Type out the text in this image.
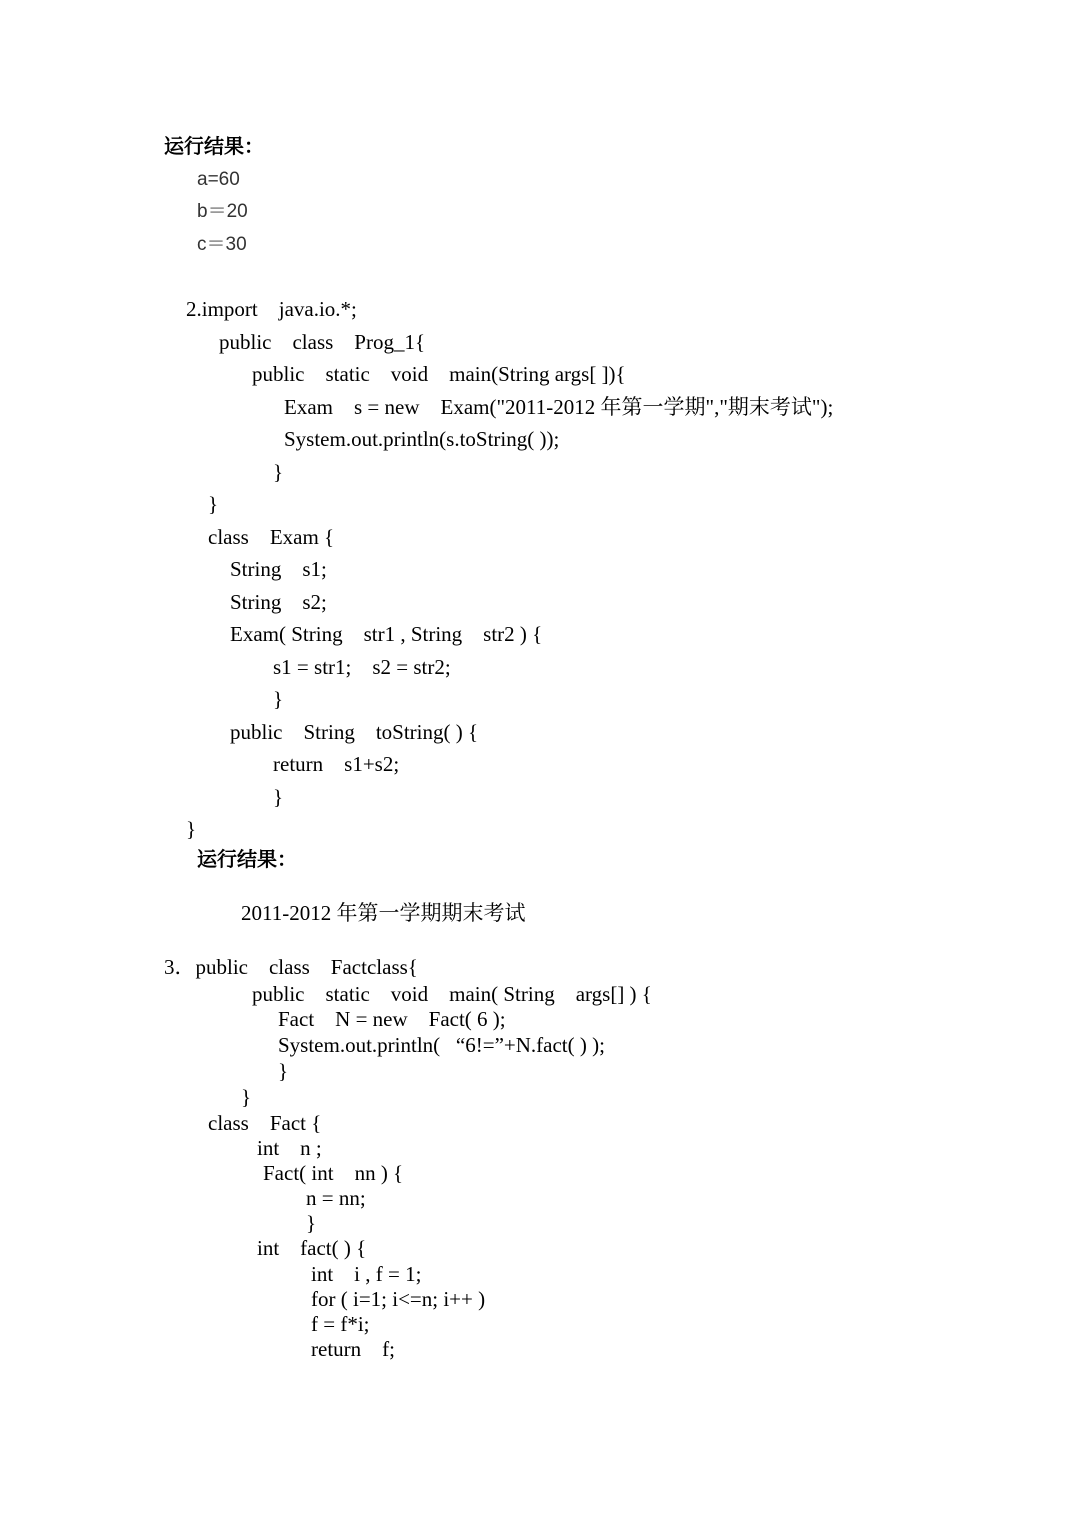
运行结果：
a=60
b＝20
c＝30
2.import    java.io.*;
public    class    Prog_1{
public    static    void    main(String args[ ]){
Exam    s = new    Exam("2011-2012 年第一学期","期末考试");
System.out.println(s.toString( ));
}
}
class    Exam {
String    s1;
String    s2;
Exam( String    str1 , String    str2 ) {
s1 = str1;    s2 = str2;
}
public    String    toString( ) {
return    s1+s2;
}
}
运行结果：
2011-2012 年第一学期期末考试
3．public    class    Factclass{
public    static    void    main( String    args[] ) {
Fact    N = new    Fact( 6 );
System.out.println(   “6!=”+N.fact( ) );
}
}
class    Fact {
int    n ;
Fact( int    nn ) {
n = nn;
}
int    fact( ) {
int    i , f = 1;
for ( i=1; i<=n; i++ )
f = f*i;
return    f;
